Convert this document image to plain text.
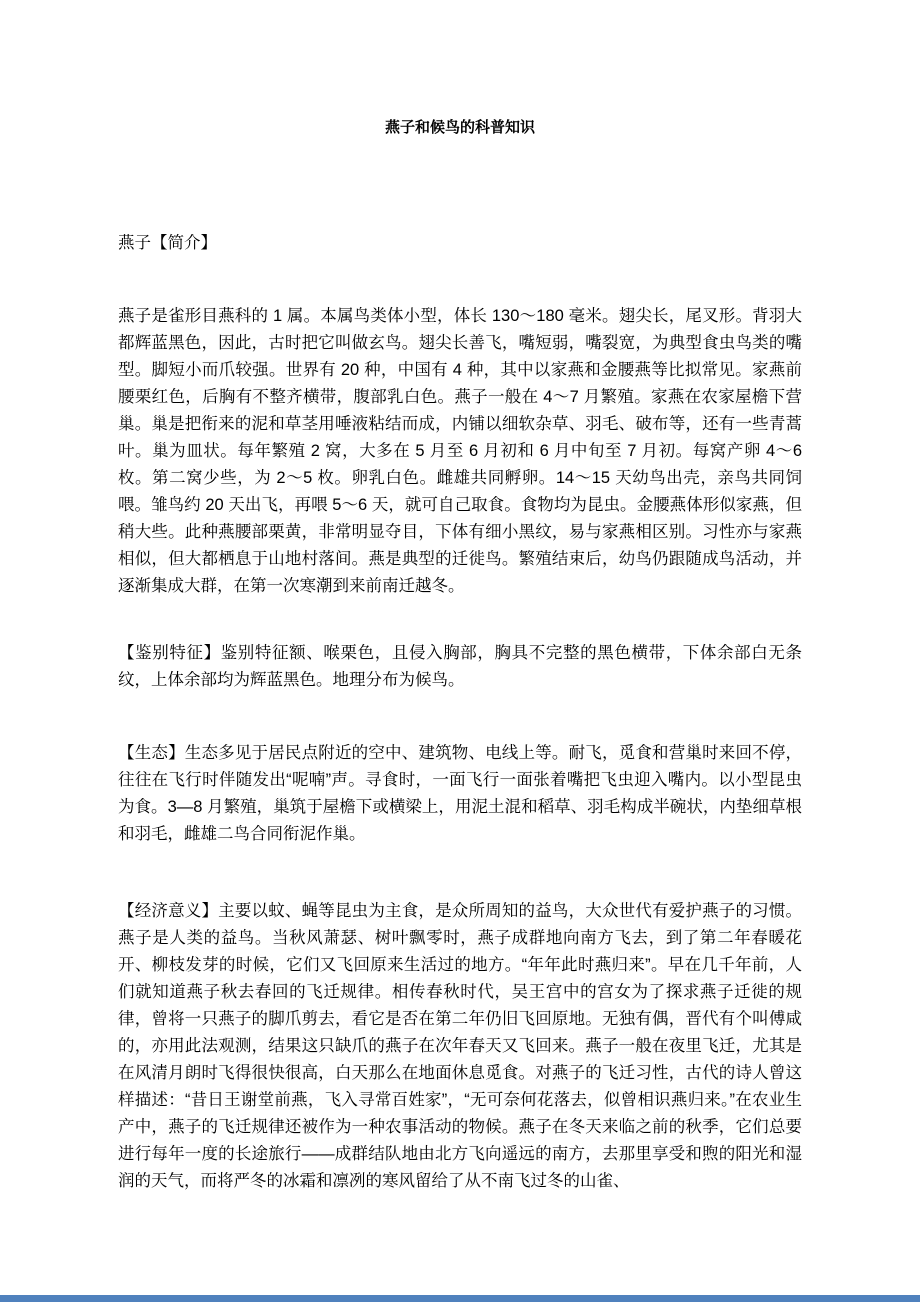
燕子和候鸟的科普知识

燕子【简介】

燕子是雀形目燕科的 1 属。本属鸟类体小型，体长 130～180 毫米。翅尖长，尾叉形。背羽大都辉蓝黑色，因此，古时把它叫做玄鸟。翅尖长善飞，嘴短弱，嘴裂宽，为典型食虫鸟类的嘴型。脚短小而爪较强。世界有 20 种，中国有 4 种，其中以家燕和金腰燕等比拟常见。家燕前腰栗红色，后胸有不整齐横带，腹部乳白色。燕子一般在 4～7 月繁殖。家燕在农家屋檐下营巢。巢是把衔来的泥和草茎用唾液粘结而成，内铺以细软杂草、羽毛、破布等，还有一些青蒿叶。巢为皿状。每年繁殖 2 窝，大多在 5 月至 6 月初和 6 月中旬至 7 月初。每窝产卵 4～6 枚。第二窝少些，为 2～5 枚。卵乳白色。雌雄共同孵卵。14～15 天幼鸟出壳，亲鸟共同饲喂。雏鸟约 20 天出飞，再喂 5～6 天，就可自己取食。食物均为昆虫。金腰燕体形似家燕，但稍大些。此种燕腰部栗黄，非常明显夺目，下体有细小黑纹，易与家燕相区别。习性亦与家燕相似，但大都栖息于山地村落间。燕是典型的迁徙鸟。繁殖结束后，幼鸟仍跟随成鸟活动，并逐渐集成大群，在第一次寒潮到来前南迁越冬。

【鉴别特征】鉴别特征额、喉栗色，且侵入胸部，胸具不完整的黑色横带，下体余部白无条纹，上体余部均为辉蓝黑色。地理分布为候鸟。

【生态】生态多见于居民点附近的空中、建筑物、电线上等。耐飞，觅食和营巢时来回不停，往往在飞行时伴随发出“呢喃”声。寻食时，一面飞行一面张着嘴把飞虫迎入嘴内。以小型昆虫为食。3—8 月繁殖，巢筑于屋檐下或横梁上，用泥土混和稻草、羽毛构成半碗状，内垫细草根和羽毛，雌雄二鸟合同衔泥作巢。

【经济意义】主要以蚊、蝇等昆虫为主食，是众所周知的益鸟，大众世代有爱护燕子的习惯。燕子是人类的益鸟。当秋风萧瑟、树叶飘零时，燕子成群地向南方飞去，到了第二年春暖花开、柳枝发芽的时候，它们又飞回原来生活过的地方。“年年此时燕归来”。早在几千年前，人们就知道燕子秋去春回的飞迁规律。相传春秋时代，吴王宫中的宫女为了探求燕子迁徙的规律，曾将一只燕子的脚爪剪去，看它是否在第二年仍旧飞回原地。无独有偶，晋代有个叫傅咸的，亦用此法观测，结果这只缺爪的燕子在次年春天又飞回来。燕子一般在夜里飞迁，尤其是在风清月朗时飞得很快很高，白天那么在地面休息觅食。对燕子的飞迁习性，古代的诗人曾这样描述：“昔日王谢堂前燕，飞入寻常百姓家”，“无可奈何花落去，似曾相识燕归来。”在农业生产中，燕子的飞迁规律还被作为一种农事活动的物候。燕子在冬天来临之前的秋季，它们总要进行每年一度的长途旅行——成群结队地由北方飞向遥远的南方，去那里享受和煦的阳光和湿润的天气，而将严冬的冰霜和凛冽的寒风留给了从不南飞过冬的山雀、
